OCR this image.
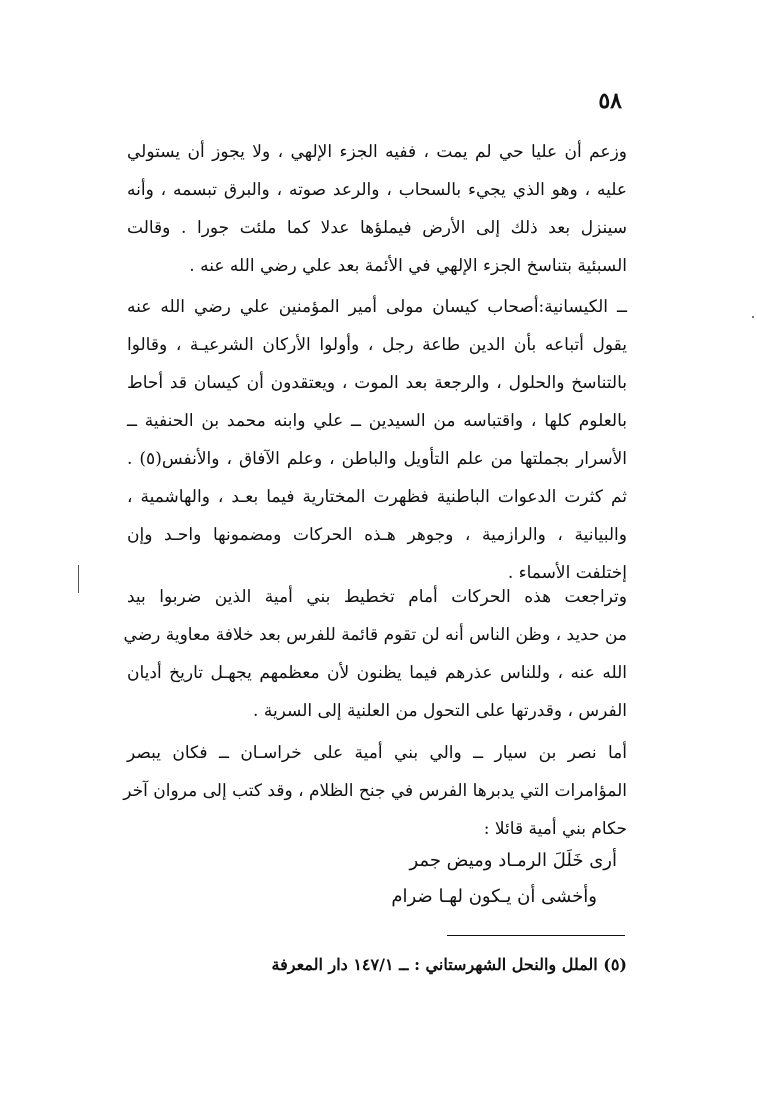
٥٨
وزعم أن عليا حي لم يمت ، ففيه الجزء الإلهي ، ولا يجوز أن يستولي
عليه ، وهو الذي يجيء بالسحاب ، والرعد صوته ، والبرق تبسمه ، وأنه
سينزل بعد ذلك إلى الأرض فيملؤها عدلا كما ملئت جورا . وقالت
السبئية بتناسخ الجزء الإلهي في الأئمة بعد علي رضي الله عنه .
ــ الكيسانية:أصحاب كيسان مولى أمير المؤمنين علي رضي الله عنه
يقول أتباعه بأن الدين طاعة رجل ، وأولوا الأركان الشرعيـة ، وقالوا
بالتناسخ والحلول ، والرجعة بعد الموت ، ويعتقدون أن كيسان قد أحاط
بالعلوم كلها ، واقتباسه من السيدين ــ علي وابنه محمد بن الحنفية ــ
الأسرار بجملتها من علم التأويل والباطن ، وعلم الآفاق ، والأنفس(٥) .
ثم كثرت الدعوات الباطنية فظهرت المختارية فيما بعـد ، والهاشمية ،
والبيانية ، والرازمية ، وجوهر هـذه الحركات ومضمونها واحـد وإن
إختلفت الأسماء .
وتراجعت هذه الحركات أمام تخطيط بني أمية الذين ضربوا بيد
من حديد ، وظن الناس أنه لن تقوم قائمة للفرس بعد خلافة معاوية رضي
الله عنه ، وللناس عذرهم فيما يظنون لأن معظمهم يجهـل تاريخ أديان
الفرس ، وقدرتها على التحول من العلنية إلى السرية .
أما نصر بن سيار ــ والي بني أمية على خراسـان ــ فكان يبصر
المؤامرات التي يدبرها الفرس في جنح الظلام ، وقد كتب إلى مروان آخر
حكام بني أمية قائلا :
أرى خَلَلَ الرمـاد وميض جمر
وأخشى أن يـكون لهـا ضرام
(٥) الملل والنحل الشهرستاني : ــ ١٤٧/١ دار المعرفة
